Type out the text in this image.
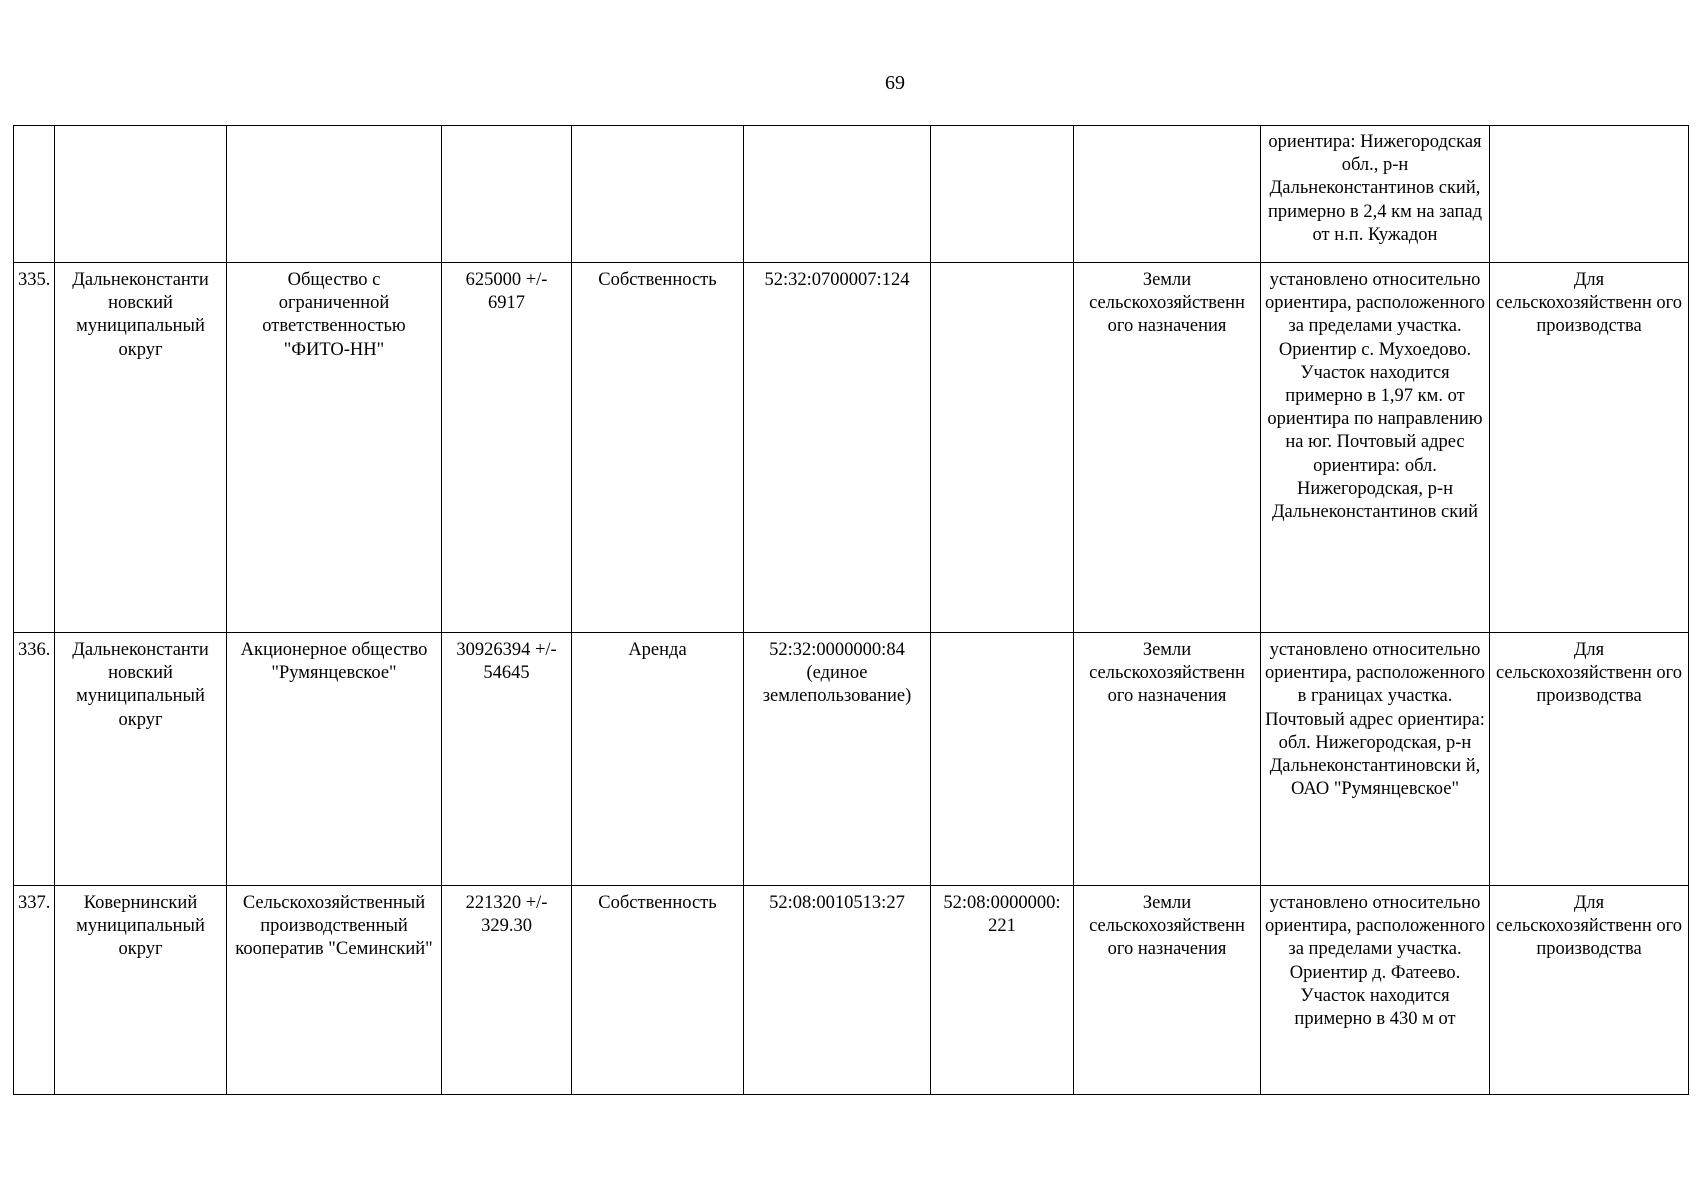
69
								ориентира: Нижегородская обл., р-н Дальнеконстантинов ский, примерно в 2,4 км на запад от н.п. Кужадон	
335.	Дальнеконстанти новский муниципальный округ	Общество с ограниченной ответственностью "ФИТО-НН"	625000 +/- 6917	Собственность	52:32:0700007:124		Земли сельскохозяйственн ого назначения	установлено относительно ориентира, расположенного за пределами участка. Ориентир с. Мухоедово. Участок находится примерно в 1,97 км. от ориентира по направлению на юг. Почтовый адрес ориентира: обл. Нижегородская, р-н Дальнеконстантинов ский	Для сельскохозяйственн ого производства
336.	Дальнеконстанти новский муниципальный округ	Акционерное общество "Румянцевское"	30926394 +/- 54645	Аренда	52:32:0000000:84 (единое землепользование)		Земли сельскохозяйственн ого назначения	установлено относительно ориентира, расположенного в границах участка. Почтовый адрес ориентира: обл. Нижегородская, р-н Дальнеконстантиновски й, ОАО "Румянцевское"	Для сельскохозяйственн ого производства
337.	Ковернинский муниципальный округ	Сельскохозяйственный производственный кооператив "Семинский"	221320 +/- 329.30	Собственность	52:08:0010513:27	52:08:0000000: 221	Земли сельскохозяйственн ого назначения	установлено относительно ориентира, расположенного за пределами участка. Ориентир д. Фатеево. Участок находится примерно в 430 м от	Для сельскохозяйственн ого производства
